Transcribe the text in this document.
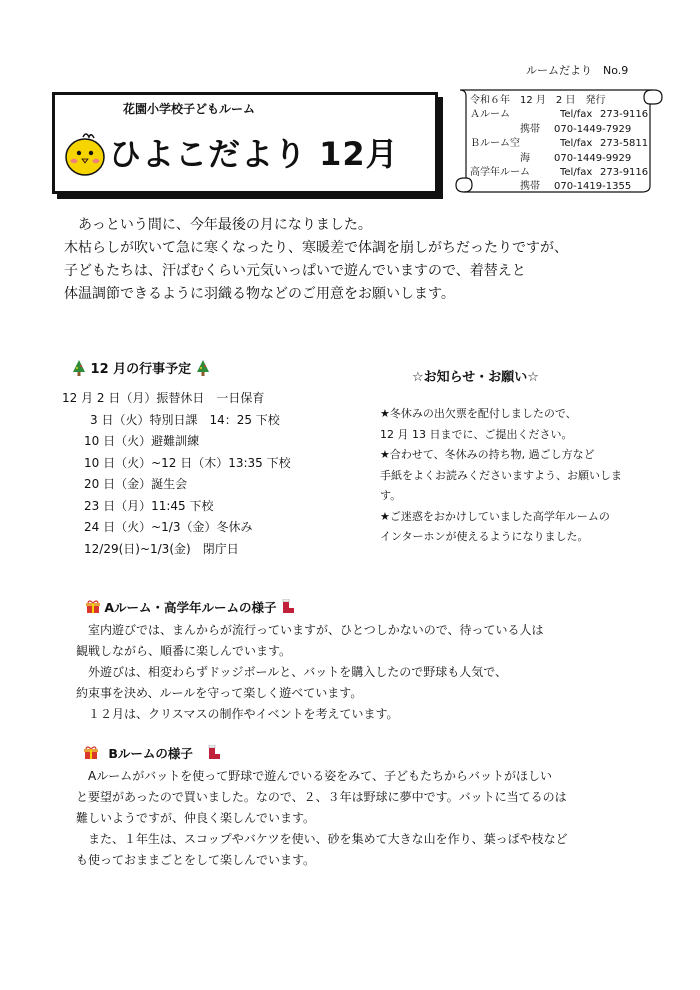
ルームだより　No.9
花園小学校子どもルーム
ひよこだより 12月
令和６年　12 月　2 日　発行
Ａルーム	Tel/fax 273-9116
携帯 070-1449-7929
Ｂルーム空	Tel/fax 273-5811
海 070-1449-9929
高学年ルーム	Tel/fax 273-9116
携帯 070-1419-1355
あっという間に、今年最後の月になりました。
木枯らしが吹いて急に寒くなったり、寒暖差で体調を崩しがちだったりですが、
子どもたちは、汗ばむくらい元気いっぱいで遊んでいますので、着替えと
体温調節できるように羽織る物などのご用意をお願いします。
12 月の行事予定
12 月 2 日（月）振替休日　一日保育
3 日（火）特別日課　14：25 下校
10 日（火）避難訓練
10 日（火）~12 日（木）13:35 下校
20 日（金）誕生会
23 日（月）11:45 下校
24 日（火）~1/3（金）冬休み
12/29(日)~1/3(金)　閉庁日
☆お知らせ・お願い☆
★冬休みの出欠票を配付しましたので、
12 月 13 日までに、ご提出ください。
★合わせて、冬休みの持ち物, 過ごし方など
手紙をよくお読みくださいますよう、お願いしま
す。
★ご迷惑をおかけしていました高学年ルームの
インターホンが使えるようになりました。
Aルーム・高学年ルームの様子
　室内遊びでは、まんからが流行っていますが、ひとつしかないので、待っている人は
観戦しながら、順番に楽しんでいます。
　外遊びは、相変わらずドッジボールと、バットを購入したので野球も人気で、
約束事を決め、ルールを守って楽しく遊べています。
　１２月は、クリスマスの制作やイベントを考えています。
Bルームの様子
　Aルームがバットを使って野球で遊んでいる姿をみて、子どもたちからバットがほしい
と要望があったので買いました。なので、２、３年は野球に夢中です。バットに当てるのは
難しいようですが、仲良く楽しんでいます。
　また、１年生は、スコップやバケツを使い、砂を集めて大きな山を作り、葉っぱや枝など
も使っておままごとをして楽しんでいます。
